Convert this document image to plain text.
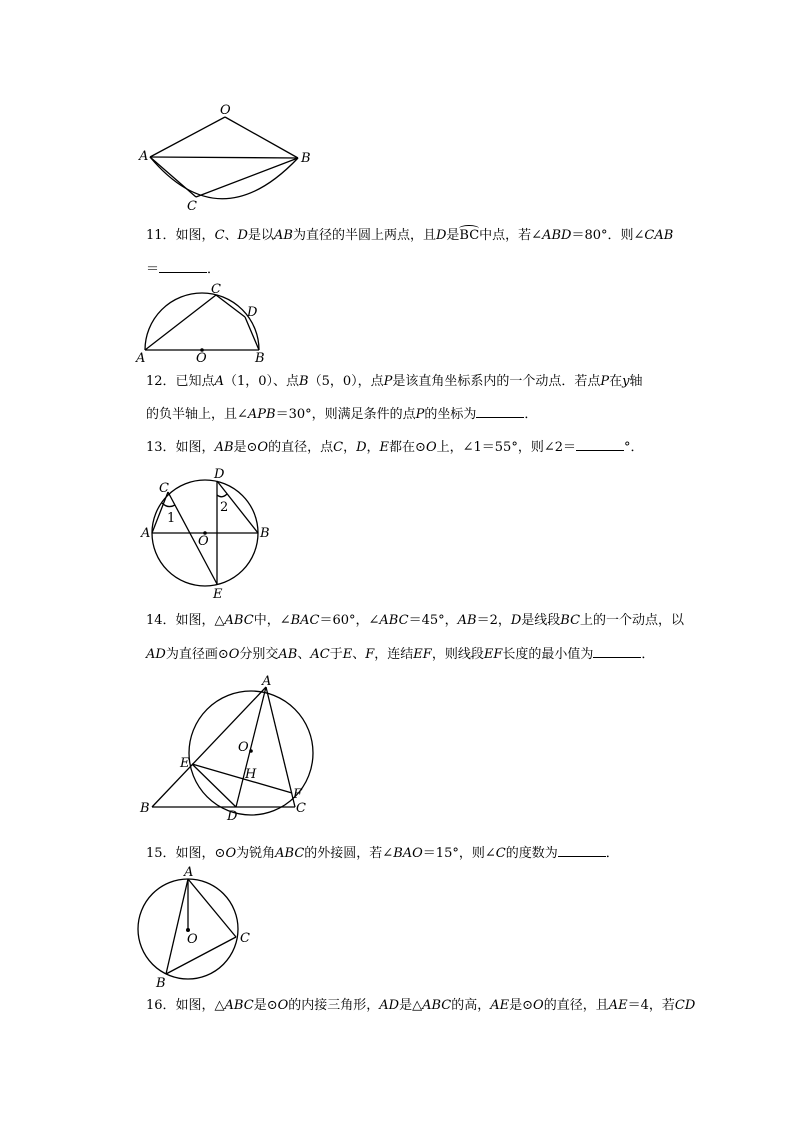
O
A	B
C
11．如图，C、D是以AB为直径的半圆上两点，且D是BC中点，若∠ABD＝80°．则∠CAB
＝	．
C
D
A	O	B
12．已知点A（1，0）、点B（5，0），点P是该直角坐标系内的一个动点．若点P在y轴
的负半轴上，且∠APB＝30°，则满足条件的点P的坐标为	．
13．如图，AB是⊙O的直径，点C，D，E都在⊙O上，∠1＝55°，则∠2＝	°．
C
D
A	B
O
E
1
2
14．如图，△ABC中，∠BAC＝60°，∠ABC＝45°，AB＝2，D是线段BC上的一个动点，以
AD为直径画⊙O分别交AB、AC于E、F，连结EF，则线段EF长度的最小值为	．
A
O
E
H
B
D
F
C
15．如图，⊙O为锐角ABC的外接圆，若∠BAO＝15°，则∠C的度数为	．
A
O	C
B
16．如图，△ABC是⊙O的内接三角形，AD是△ABC的高，AE是⊙O的直径，且AE＝4，若CD
